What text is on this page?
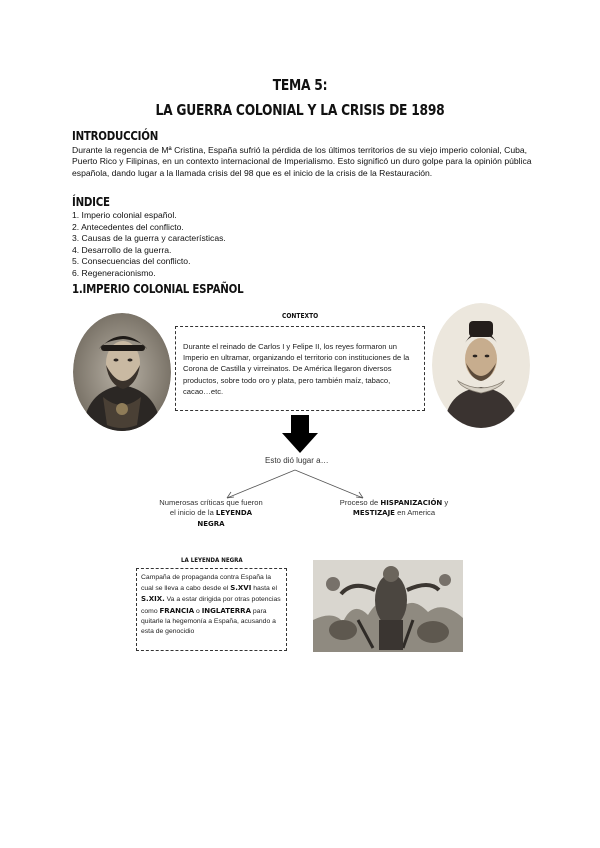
TEMA 5:
LA GUERRA COLONIAL Y LA CRISIS DE 1898
INTRODUCCIÓN

Durante la regencia de Mª Cristina, España sufrió la pérdida de los últimos territorios de su viejo imperio colonial, Cuba, Puerto Rico y Filipinas, en un contexto internacional de Imperialismo. Esto significó un duro golpe para la opinión pública española, dando lugar a la llamada crisis del 98 que es el inicio de la crisis de la Restauración.

ÍNDICE
1. Imperio colonial español.
2. Antecedentes del conflicto.
3. Causas de la guerra y características.
4. Desarrollo de la guerra.
5. Consecuencias del conflicto.
6. Regeneracionismo.
1.IMPERIO COLONIAL ESPAÑOL
CONTEXTO
Durante el reinado de Carlos I y Felipe II, los reyes formaron un Imperio en ultramar, organizando el territorio con instituciones de la Corona de Castilla y virreinatos. De América llegaron diversos productos, sobre todo oro y plata, pero también maíz, tabaco, cacao…etc.
Esto dió lugar a…
Numerosas críticas que fueron el inicio de la LEYENDA NEGRA
Proceso de HISPANIZACIÓN y MESTIZAJE en America
LA LEYENDA NEGRA
Campaña de propaganda contra España la cual se lleva a cabo desde el S.XVI hasta el S.XIX. Va a estar dirigida por otras potencias como FRANCIA o INGLATERRA para quitarle la hegemonía a España, acusando a esta de genocidio
